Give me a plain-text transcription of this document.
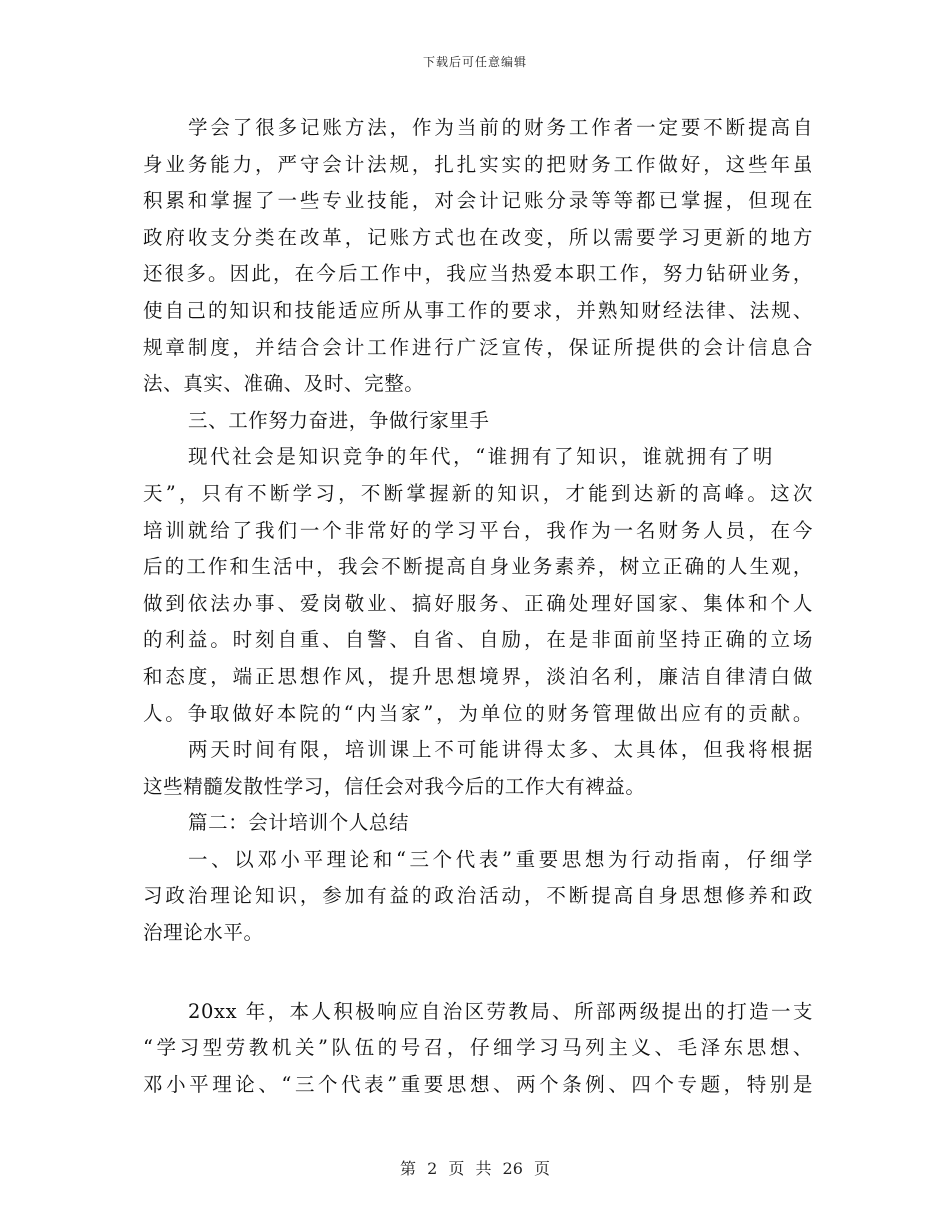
下载后可任意编辑
学会了很多记账方法，作为当前的财务工作者一定要不断提高自
身业务能力，严守会计法规，扎扎实实的把财务工作做好，这些年虽
积累和掌握了一些专业技能，对会计记账分录等等都已掌握，但现在
政府收支分类在改革，记账方式也在改变，所以需要学习更新的地方
还很多。因此，在今后工作中，我应当热爱本职工作，努力钻研业务，
使自己的知识和技能适应所从事工作的要求，并熟知财经法律、法规、
规章制度，并结合会计工作进行广泛宣传，保证所提供的会计信息合
法、真实、准确、及时、完整。
三、工作努力奋进，争做行家里手
现代社会是知识竞争的年代，“谁拥有了知识，谁就拥有了明
天”，只有不断学习，不断掌握新的知识，才能到达新的高峰。这次
培训就给了我们一个非常好的学习平台，我作为一名财务人员，在今
后的工作和生活中，我会不断提高自身业务素养，树立正确的人生观，
做到依法办事、爱岗敬业、搞好服务、正确处理好国家、集体和个人
的利益。时刻自重、自警、自省、自励，在是非面前坚持正确的立场
和态度，端正思想作风，提升思想境界，淡泊名利，廉洁自律清白做
人。争取做好本院的“内当家”，为单位的财务管理做出应有的贡献。
两天时间有限，培训课上不可能讲得太多、太具体，但我将根据
这些精髓发散性学习，信任会对我今后的工作大有裨益。
篇二：会计培训个人总结
一、以邓小平理论和“三个代表”重要思想为行动指南，仔细学
习政治理论知识，参加有益的政治活动，不断提高自身思想修养和政
治理论水平。
20xx 年，本人积极响应自治区劳教局、所部两级提出的打造一支
“学习型劳教机关”队伍的号召，仔细学习马列主义、毛泽东思想、
邓小平理论、“三个代表”重要思想、两个条例、四个专题，特别是
第 2 页 共 26 页
